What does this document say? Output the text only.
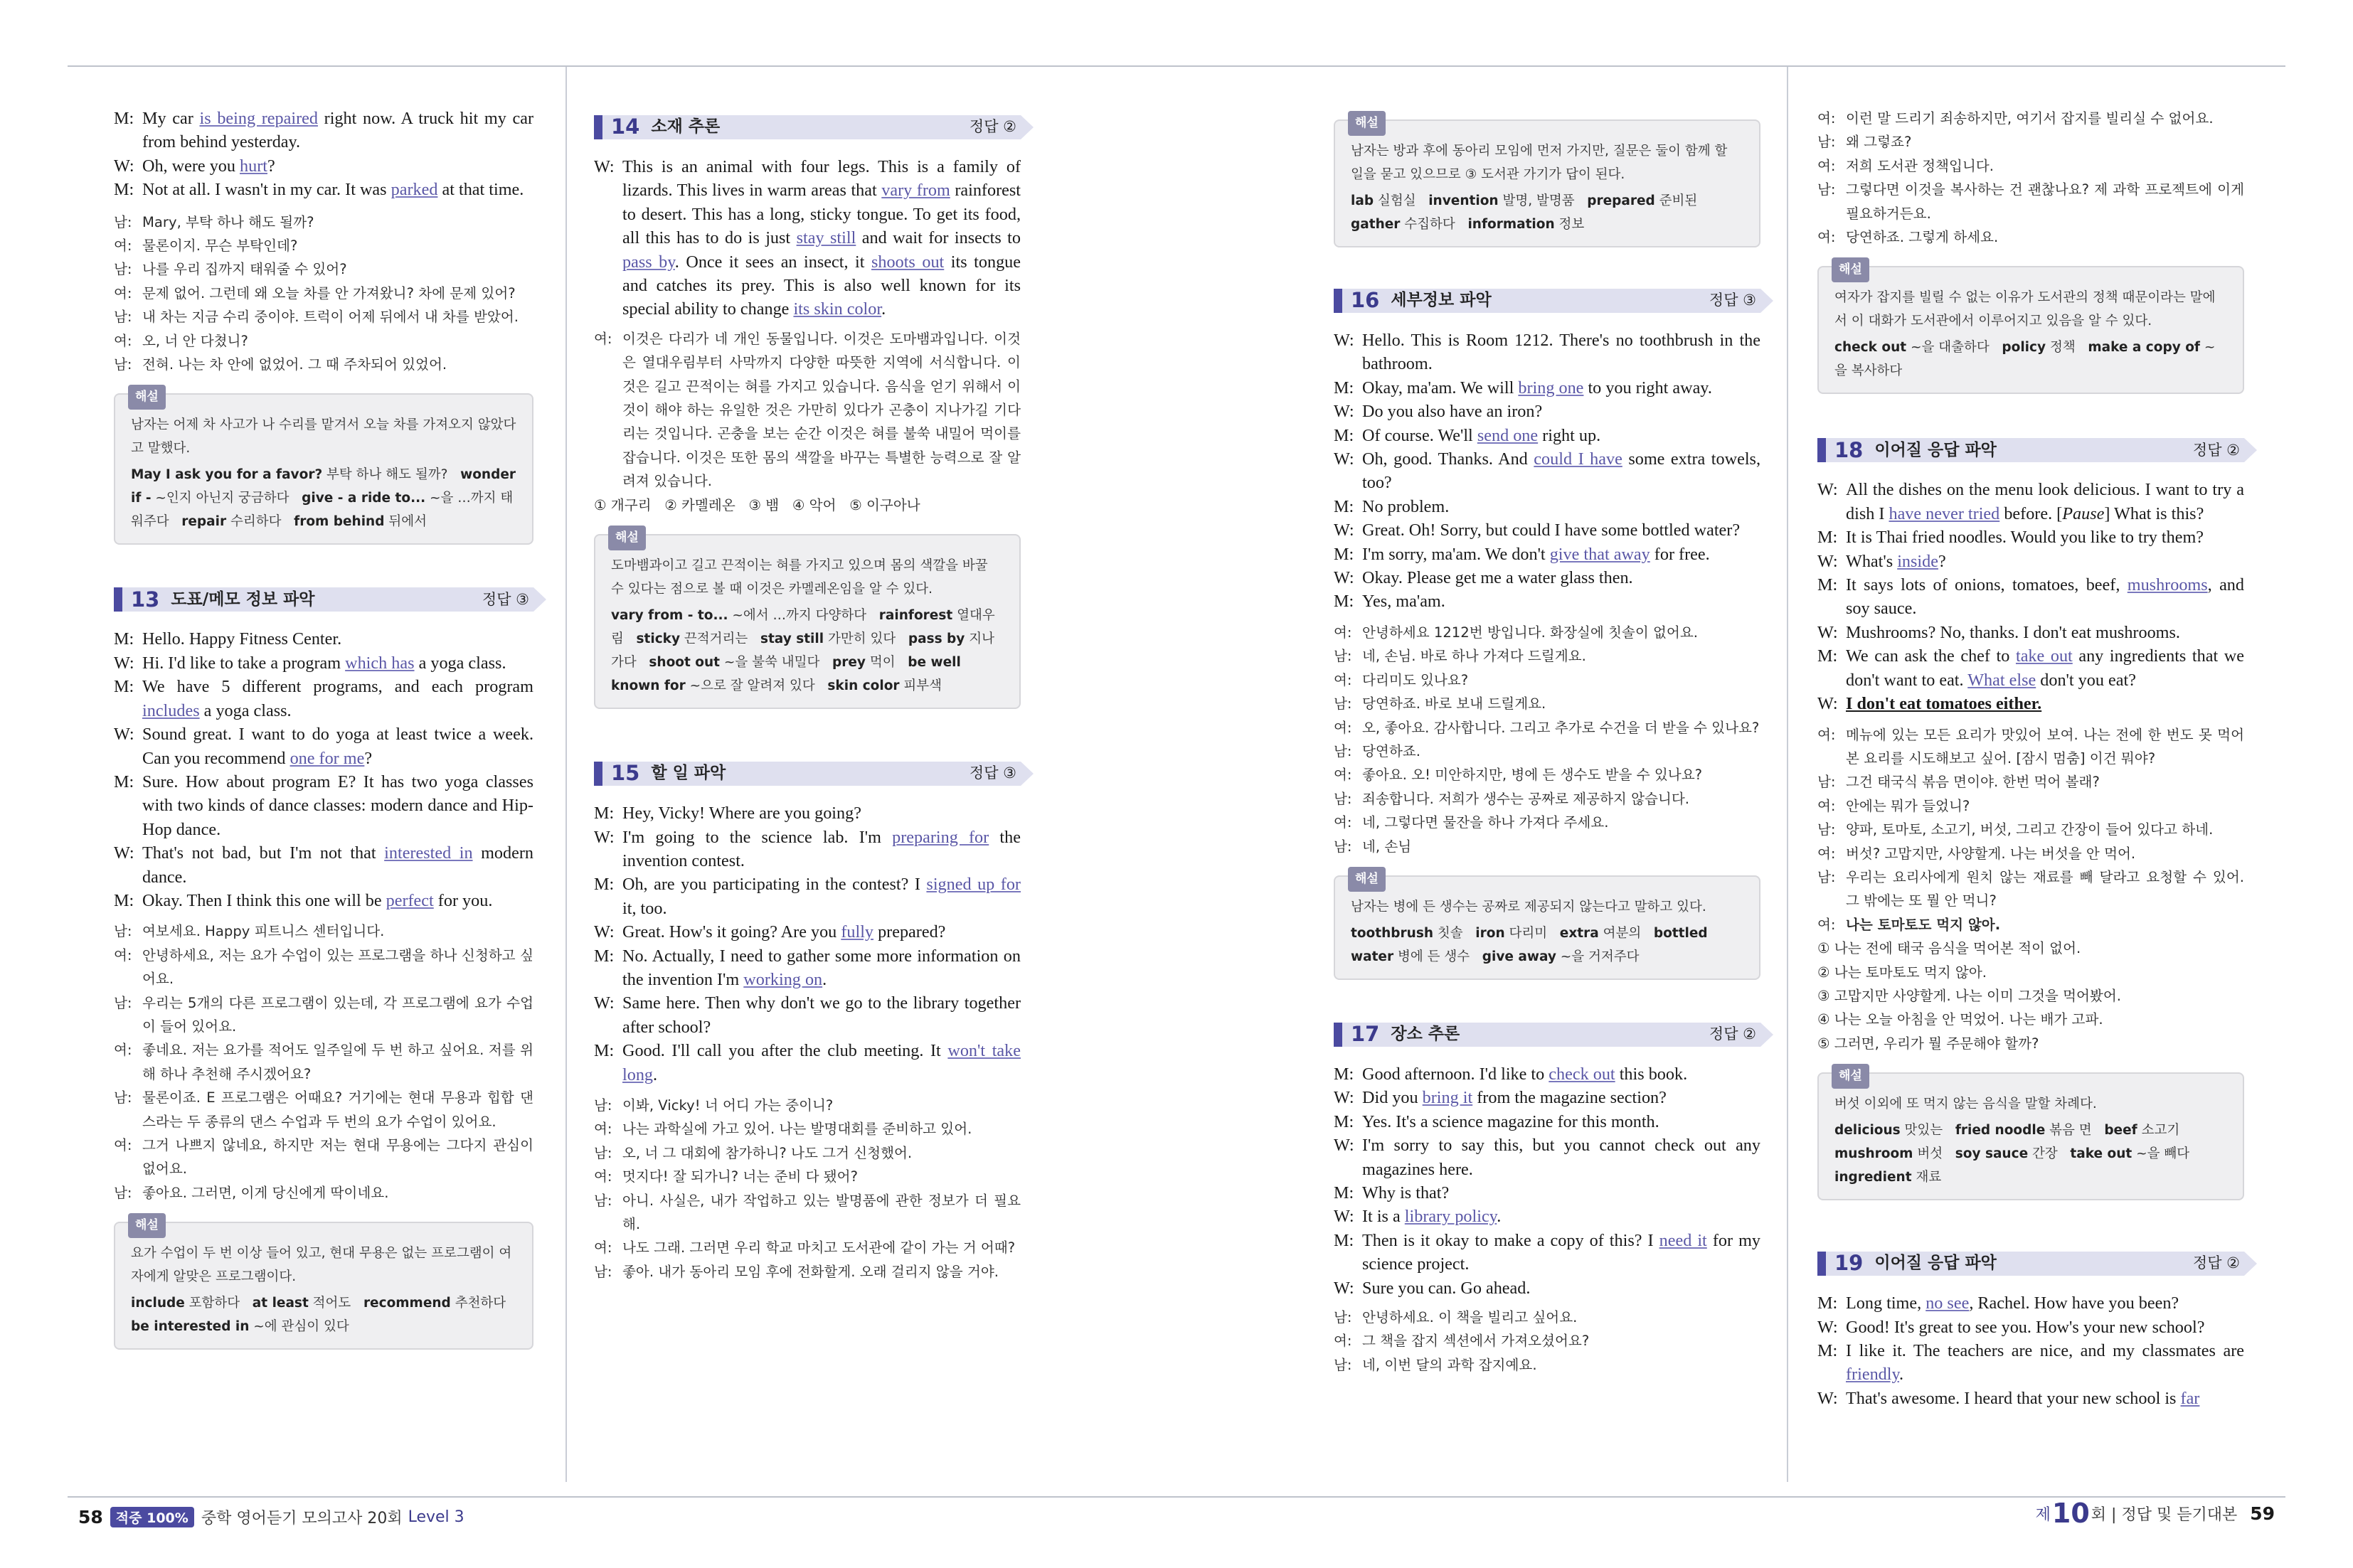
M: My car is being repaired right now. A truck hit my car from behind yesterday.
W: Oh, were you hurt?
M: Not at all. I wasn't in my car. It was parked at that time.
남: Mary, 부탁 하나 해도 될까?
여: 물론이지. 무슨 부탁인데?
남: 나를 우리 집까지 태워줄 수 있어?
여: 문제 없어. 그런데 왜 오늘 차를 안 가져왔니? 차에 문제 있어?
남: 내 차는 지금 수리 중이야. 트럭이 어제 뒤에서 내 차를 받았어.
여: 오, 너 안 다쳤니?
남: 전혀. 나는 차 안에 없었어. 그 때 주차되어 있었어.
해설
남자는 어제 차 사고가 나 수리를 맡겨서 오늘 차를 가져오지 않았다고 말했다.
May I ask you for a favor? 부탁 하나 해도 될까?   wonder if - ~인지 아닌지 궁금하다   give - a ride to... ~을 …까지 태워주다   repair 수리하다   from behind 뒤에서
13 도표/메모 정보 파악	정답 ③
M: Hello. Happy Fitness Center.
W: Hi. I'd like to take a program which has a yoga class.
M: We have 5 different programs, and each program includes a yoga class.
W: Sound great. I want to do yoga at least twice a week. Can you recommend one for me?
M: Sure. How about program E? It has two yoga classes with two kinds of dance classes: modern dance and Hip-Hop dance.
W: That's not bad, but I'm not that interested in modern dance.
M: Okay. Then I think this one will be perfect for you.
남: 여보세요. Happy 피트니스 센터입니다.
여: 안녕하세요, 저는 요가 수업이 있는 프로그램을 하나 신청하고 싶어요.
남: 우리는 5개의 다른 프로그램이 있는데, 각 프로그램에 요가 수업이 들어 있어요.
여: 좋네요. 저는 요가를 적어도 일주일에 두 번 하고 싶어요. 저를 위해 하나 추천해 주시겠어요?
남: 물론이죠. E 프로그램은 어때요? 거기에는 현대 무용과 힙합 댄스라는 두 종류의 댄스 수업과 두 번의 요가 수업이 있어요.
여: 그거 나쁘지 않네요, 하지만 저는 현대 무용에는 그다지 관심이 없어요.
남: 좋아요. 그러면, 이게 당신에게 딱이네요.
해설
요가 수업이 두 번 이상 들어 있고, 현대 무용은 없는 프로그램이 여자에게 알맞은 프로그램이다.
include 포함하다   at least 적어도   recommend 추천하다   be interested in ~에 관심이 있다
14 소재 추론	정답 ②
W: This is an animal with four legs. This is a family of lizards. This lives in warm areas that vary from rainforest to desert. This has a long, sticky tongue. To get its food, all this has to do is just stay still and wait for insects to pass by. Once it sees an insect, it shoots out its tongue and catches its prey. This is also well known for its special ability to change its skin color.
여: 이것은 다리가 네 개인 동물입니다. 이것은 도마뱀과입니다. 이것은 열대우림부터 사막까지 다양한 따뜻한 지역에 서식합니다. 이것은 길고 끈적이는 혀를 가지고 있습니다. 음식을 얻기 위해서 이것이 해야 하는 유일한 것은 가만히 있다가 곤충이 지나가길 기다리는 것입니다. 곤충을 보는 순간 이것은 혀를 불쑥 내밀어 먹이를 잡습니다. 이것은 또한 몸의 색깔을 바꾸는 특별한 능력으로 잘 알려져 있습니다.
① 개구리   ② 카멜레온   ③ 뱀   ④ 악어   ⑤ 이구아나
해설
도마뱀과이고 길고 끈적이는 혀를 가지고 있으며 몸의 색깔을 바꿀 수 있다는 점으로 볼 때 이것은 카멜레온임을 알 수 있다.
vary from - to... ~에서 …까지 다양하다   rainforest 열대우림   sticky 끈적거리는   stay still 가만히 있다   pass by 지나가다   shoot out ~을 불쑥 내밀다   prey 먹이   be well known for ~으로 잘 알려져 있다   skin color 피부색
15 할 일 파악	정답 ③
M: Hey, Vicky! Where are you going?
W: I'm going to the science lab. I'm preparing for the invention contest.
M: Oh, are you participating in the contest? I signed up for it, too.
W: Great. How's it going? Are you fully prepared?
M: No. Actually, I need to gather some more information on the invention I'm working on.
W: Same here. Then why don't we go to the library together after school?
M: Good. I'll call you after the club meeting. It won't take long.
남: 이봐, Vicky! 너 어디 가는 중이니?
여: 나는 과학실에 가고 있어. 나는 발명대회를 준비하고 있어.
남: 오, 너 그 대회에 참가하니? 나도 그거 신청했어.
여: 멋지다! 잘 되가니? 너는 준비 다 됐어?
남: 아니. 사실은, 내가 작업하고 있는 발명품에 관한 정보가 더 필요해.
여: 나도 그래. 그러면 우리 학교 마치고 도서관에 같이 가는 거 어때?
남: 좋아. 내가 동아리 모임 후에 전화할게. 오래 걸리지 않을 거야.
해설
남자는 방과 후에 동아리 모임에 먼저 가지만, 질문은 둘이 함께 할 일을 묻고 있으므로 ③ 도서관 가기가 답이 된다.
lab 실험실   invention 발명, 발명품   prepared 준비된   gather 수집하다   information 정보
16 세부정보 파악	정답 ③
W: Hello. This is Room 1212. There's no toothbrush in the bathroom.
M: Okay, ma'am. We will bring one to you right away.
W: Do you also have an iron?
M: Of course. We'll send one right up.
W: Oh, good. Thanks. And could I have some extra towels, too?
M: No problem.
W: Great. Oh! Sorry, but could I have some bottled water?
M: I'm sorry, ma'am. We don't give that away for free.
W: Okay. Please get me a water glass then.
M: Yes, ma'am.
여: 안녕하세요 1212번 방입니다. 화장실에 칫솔이 없어요.
남: 네, 손님. 바로 하나 가져다 드릴게요.
여: 다리미도 있나요?
남: 당연하죠. 바로 보내 드릴게요.
여: 오, 좋아요. 감사합니다. 그리고 추가로 수건을 더 받을 수 있나요?
남: 당연하죠.
여: 좋아요. 오! 미안하지만, 병에 든 생수도 받을 수 있나요?
남: 죄송합니다. 저희가 생수는 공짜로 제공하지 않습니다.
여: 네, 그렇다면 물잔을 하나 가져다 주세요.
남: 네, 손님
해설
남자는 병에 든 생수는 공짜로 제공되지 않는다고 말하고 있다.
toothbrush 칫솔   iron 다리미   extra 여분의   bottled water 병에 든 생수   give away ~을 거저주다
17 장소 추론	정답 ②
M: Good afternoon. I'd like to check out this book.
W: Did you bring it from the magazine section?
M: Yes. It's a science magazine for this month.
W: I'm sorry to say this, but you cannot check out any magazines here.
M: Why is that?
W: It is a library policy.
M: Then is it okay to make a copy of this? I need it for my science project.
W: Sure you can. Go ahead.
남: 안녕하세요. 이 책을 빌리고 싶어요.
여: 그 책을 잡지 섹션에서 가져오셨어요?
남: 네, 이번 달의 과학 잡지예요.
여: 이런 말 드리기 죄송하지만, 여기서 잡지를 빌리실 수 없어요.
남: 왜 그렇죠?
여: 저희 도서관 정책입니다.
남: 그렇다면 이것을 복사하는 건 괜찮나요? 제 과학 프로젝트에 이게 필요하거든요.
여: 당연하죠. 그렇게 하세요.
해설
여자가 잡지를 빌릴 수 없는 이유가 도서관의 정책 때문이라는 말에서 이 대화가 도서관에서 이루어지고 있음을 알 수 있다.
check out ~을 대출하다   policy 정책   make a copy of ~을 복사하다
18 이어질 응답 파악	정답 ②
W: All the dishes on the menu look delicious. I want to try a dish I have never tried before. [Pause] What is this?
M: It is Thai fried noodles. Would you like to try them?
W: What's inside?
M: It says lots of onions, tomatoes, beef, mushrooms, and soy sauce.
W: Mushrooms? No, thanks. I don't eat mushrooms.
M: We can ask the chef to take out any ingredients that we don't want to eat. What else don't you eat?
W: I don't eat tomatoes either.
여: 메뉴에 있는 모든 요리가 맛있어 보여. 나는 전에 한 번도 못 먹어본 요리를 시도해보고 싶어. [잠시 멈춤] 이건 뭐야?
남: 그건 태국식 볶음 면이야. 한번 먹어 볼래?
여: 안에는 뭐가 들었니?
남: 양파, 토마토, 소고기, 버섯, 그리고 간장이 들어 있다고 하네.
여: 버섯? 고맙지만, 사양할게. 나는 버섯을 안 먹어.
남: 우리는 요리사에게 원치 않는 재료를 빼 달라고 요청할 수 있어. 그 밖에는 또 뭘 안 먹니?
여: 나는 토마토도 먹지 않아.
① 나는 전에 태국 음식을 먹어본 적이 없어.
② 나는 토마토도 먹지 않아.
③ 고맙지만 사양할게. 나는 이미 그것을 먹어봤어.
④ 나는 오늘 아침을 안 먹었어. 나는 배가 고파.
⑤ 그러면, 우리가 뭘 주문해야 할까?
해설
버섯 이외에 또 먹지 않는 음식을 말할 차례다.
delicious 맛있는   fried noodle 볶음 면   beef 소고기   mushroom 버섯   soy sauce 간장   take out ~을 빼다   ingredient 재료
19 이어질 응답 파악	정답 ②
M: Long time, no see, Rachel. How have you been?
W: Good! It's great to see you. How's your new school?
M: I like it. The teachers are nice, and my classmates are friendly.
W: That's awesome. I heard that your new school is far
58 적중 100% 중학 영어듣기 모의고사 20회 Level 3	제 10 회 | 정답 및 듣기대본 59
